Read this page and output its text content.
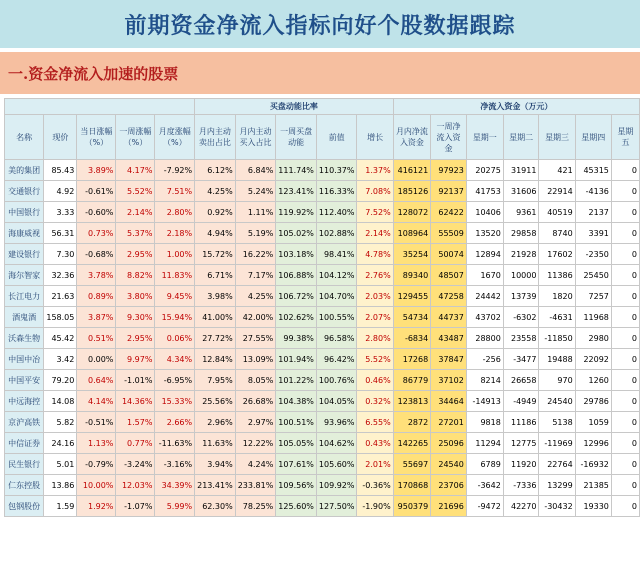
前期资金净流入指标向好个股数据跟踪
一.资金净流入加速的股票
					买盘动能比率					净流入资金（万元）						
名称	现价	当日涨幅（%）	一周涨幅（%）	月度涨幅（%）	月内主动卖出占比	月内主动买入占比	一周买盘动能	前值	增长	月内净流入资金	一周净流入资金	星期一	星期二	星期三	星期四	星期五
美的集团	85.43	3.89%	4.17%	-7.92%	6.12%	6.84%	111.74%	110.37%	1.37%	416121	97923	20275	31911	421	45315	0
交通银行	4.92	-0.61%	5.52%	7.51%	4.25%	5.24%	123.41%	116.33%	7.08%	185126	92137	41753	31606	22914	-4136	0
中国银行	3.33	-0.60%	2.14%	2.80%	0.92%	1.11%	119.92%	112.40%	7.52%	128072	62422	10406	9361	40519	2137	0
海康威视	56.31	0.73%	5.37%	2.18%	4.94%	5.19%	105.02%	102.88%	2.14%	108964	55509	13520	29858	8740	3391	0
建设银行	7.30	-0.68%	2.95%	1.00%	15.72%	16.22%	103.18%	98.41%	4.78%	35254	50074	12894	21928	17602	-2350	0
海尔智家	32.36	3.78%	8.82%	11.83%	6.71%	7.17%	106.88%	104.12%	2.76%	89340	48507	1670	10000	11386	25450	0
长江电力	21.63	0.89%	3.80%	9.45%	3.98%	4.25%	106.72%	104.70%	2.03%	129455	47258	24442	13739	1820	7257	0
酒鬼酒	158.05	3.87%	9.30%	15.94%	41.00%	42.00%	102.62%	100.55%	2.07%	54734	44737	43702	-6302	-4631	11968	0
沃森生物	45.42	0.51%	2.95%	0.06%	27.72%	27.55%	99.38%	96.58%	2.80%	-6834	43487	28800	23558	-11850	2980	0
中国中冶	3.42	0.00%	9.97%	4.34%	12.84%	13.09%	101.94%	96.42%	5.52%	17268	37847	-256	-3477	19488	22092	0
中国平安	79.20	0.64%	-1.01%	-6.95%	7.95%	8.05%	101.22%	100.76%	0.46%	86779	37102	8214	26658	970	1260	0
中远海控	14.08	4.14%	14.36%	15.33%	25.56%	26.68%	104.38%	104.05%	0.32%	123813	34464	-14913	-4949	24540	29786	0
京沪高铁	5.82	-0.51%	1.57%	2.66%	2.96%	2.97%	100.51%	93.96%	6.55%	2872	27201	9818	11186	5138	1059	0
中信证券	24.16	1.13%	0.77%	-11.63%	11.63%	12.22%	105.05%	104.62%	0.43%	142265	25096	11294	12775	-11969	12996	0
民生银行	5.01	-0.79%	-3.24%	-3.16%	3.94%	4.24%	107.61%	105.60%	2.01%	55697	24540	6789	11920	22764	-16932	0
仁东控股	13.86	10.00%	12.03%	34.39%	213.41%	233.81%	109.56%	109.92%	-0.36%	170868	23706	-3642	-7336	13299	21385	0
包钢股份	1.59	1.92%	-1.07%	5.99%	62.30%	78.25%	125.60%	127.50%	-1.90%	950379	21696	-9472	42270	-30432	19330	0
